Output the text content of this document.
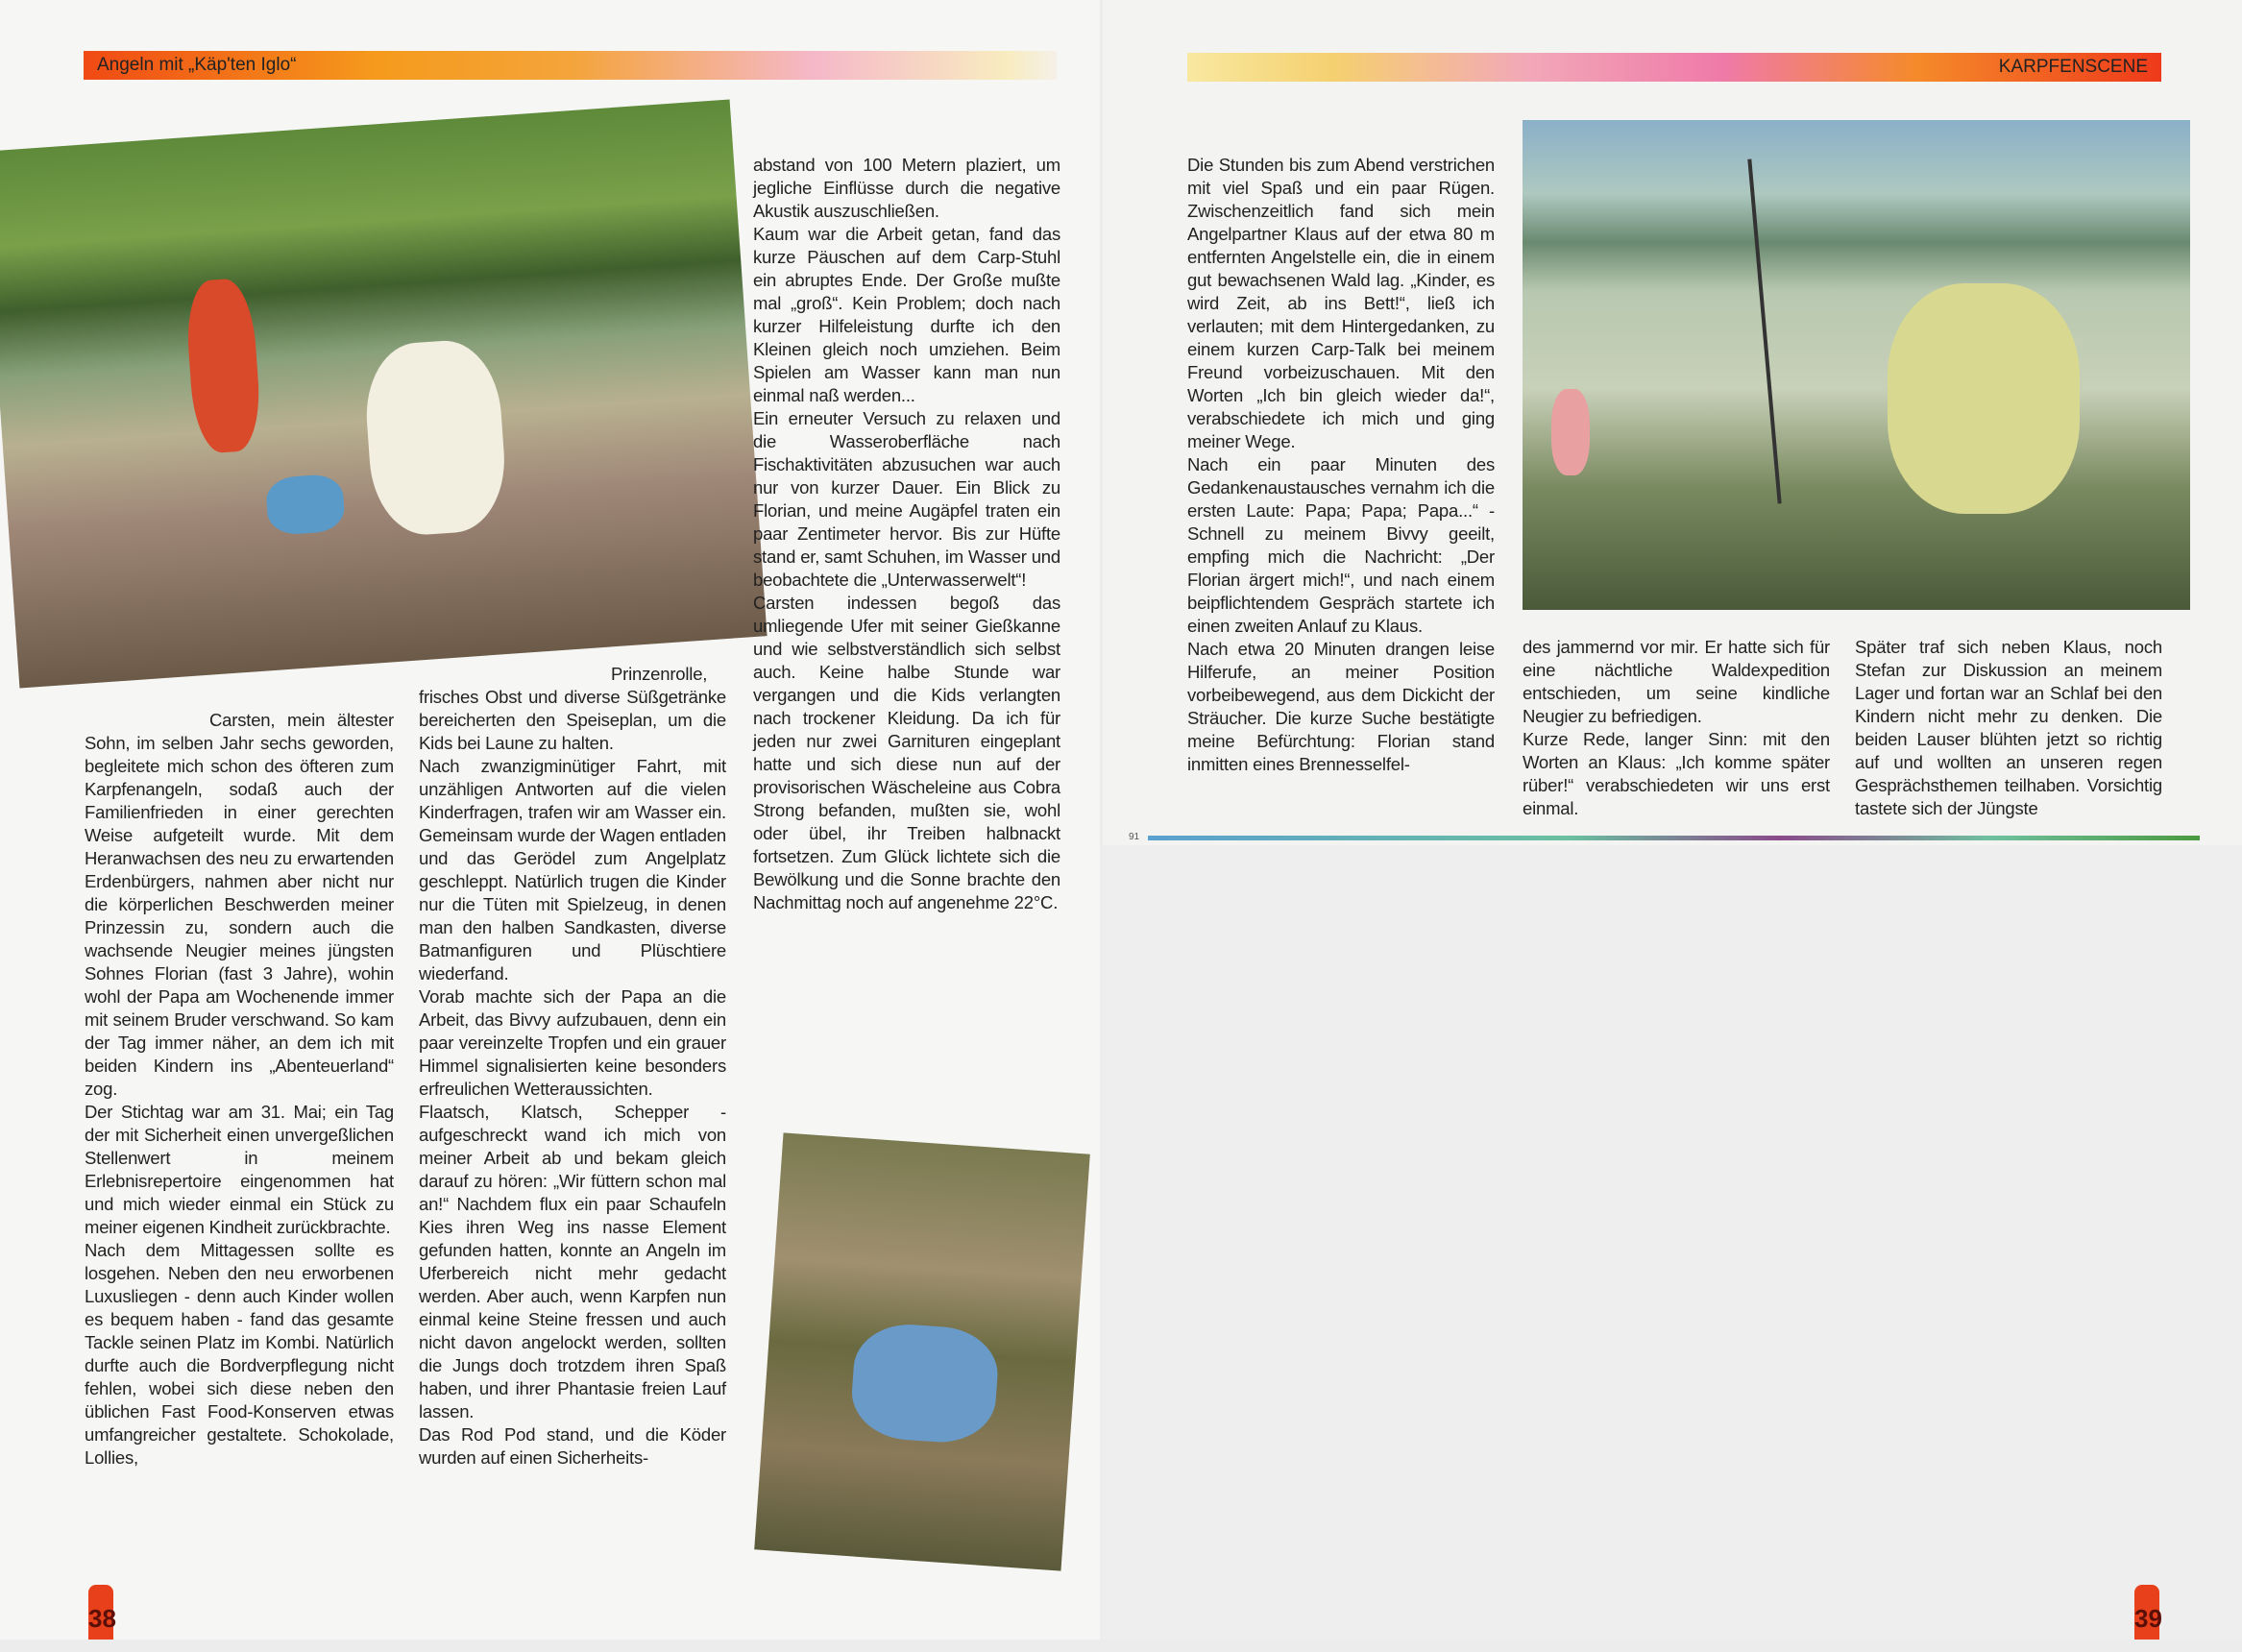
Angeln mit „Käp'ten Iglo“

Carsten, mein ältester Sohn, im selben Jahr sechs geworden, begleitete mich schon des öfteren zum Karpfenangeln, sodaß auch der Familienfrieden in einer gerechten Weise aufgeteilt wurde. Mit dem Heranwachsen des neu zu erwartenden Erdenbürgers, nahmen aber nicht nur die körperlichen Beschwerden meiner Prinzessin zu, sondern auch die wachsende Neugier meines jüngsten Sohnes Florian (fast 3 Jahre), wohin wohl der Papa am Wochenende immer mit seinem Bruder verschwand. So kam der Tag immer näher, an dem ich mit beiden Kindern ins „Abenteuerland“ zog.

Der Stichtag war am 31. Mai; ein Tag der mit Sicherheit einen unvergeßlichen Stellenwert in meinem Erlebnisrepertoire eingenommen hat und mich wieder einmal ein Stück zu meiner eigenen Kindheit zurückbrachte.

Nach dem Mittagessen sollte es losgehen. Neben den neu erworbenen Luxusliegen - denn auch Kinder wollen es bequem haben - fand das gesamte Tackle seinen Platz im Kombi. Natürlich durfte auch die Bordverpflegung nicht fehlen, wobei sich diese neben den üblichen Fast Food-Konserven etwas umfangreicher gestaltete. Schokolade, Lollies,

Prinzenrolle, frisches Obst und diverse Süßgetränke bereicherten den Speiseplan, um die Kids bei Laune zu halten.

Nach zwanzigminütiger Fahrt, mit unzähligen Antworten auf die vielen Kinderfragen, trafen wir am Wasser ein. Gemeinsam wurde der Wagen entladen und das Gerödel zum Angelplatz geschleppt. Natürlich trugen die Kinder nur die Tüten mit Spielzeug, in denen man den halben Sandkasten, diverse Batmanfiguren und Plüschtiere wiederfand.

Vorab machte sich der Papa an die Arbeit, das Bivvy aufzubauen, denn ein paar vereinzelte Tropfen und ein grauer Himmel signalisierten keine besonders erfreulichen Wetteraussichten.

Flaatsch, Klatsch, Schepper - aufgeschreckt wand ich mich von meiner Arbeit ab und bekam gleich darauf zu hören: „Wir füttern schon mal an!“ Nachdem flux ein paar Schaufeln Kies ihren Weg ins nasse Element gefunden hatten, konnte an Angeln im Uferbereich nicht mehr gedacht werden. Aber auch, wenn Karpfen nun einmal keine Steine fressen und auch nicht davon angelockt werden, sollten die Jungs doch trotzdem ihren Spaß haben, und ihrer Phantasie freien Lauf lassen.

Das Rod Pod stand, und die Köder wurden auf einen Sicherheits-

abstand von 100 Metern plaziert, um jegliche Einflüsse durch die negative Akustik auszuschließen.

Kaum war die Arbeit getan, fand das kurze Päuschen auf dem Carp-Stuhl ein abruptes Ende. Der Große mußte mal „groß“. Kein Problem; doch nach kurzer Hilfeleistung durfte ich den Kleinen gleich noch umziehen. Beim Spielen am Wasser kann man nun einmal naß werden...

Ein erneuter Versuch zu relaxen und die Wasseroberfläche nach Fischaktivitäten abzusuchen war auch nur von kurzer Dauer. Ein Blick zu Florian, und meine Augäpfel traten ein paar Zentimeter hervor. Bis zur Hüfte stand er, samt Schuhen, im Wasser und beobachtete die „Unterwasserwelt“!

Carsten indessen begoß das umliegende Ufer mit seiner Gießkanne und wie selbstverständlich sich selbst auch. Keine halbe Stunde war vergangen und die Kids verlangten nach trockener Kleidung. Da ich für jeden nur zwei Garnituren eingeplant hatte und sich diese nun auf der provisorischen Wäscheleine aus Cobra Strong befanden, mußten sie, wohl oder übel, ihr Treiben halbnackt fortsetzen. Zum Glück lichtete sich die Bewölkung und die Sonne brachte den Nachmittag noch auf angenehme 22°C.

38
KARPFENSCENE

Die Stunden bis zum Abend verstrichen mit viel Spaß und ein paar Rügen. Zwischenzeitlich fand sich mein Angelpartner Klaus auf der etwa 80 m entfernten Angelstelle ein, die in einem gut bewachsenen Wald lag. „Kinder, es wird Zeit, ab ins Bett!“, ließ ich verlauten; mit dem Hintergedanken, zu einem kurzen Carp-Talk bei meinem Freund vorbeizuschauen. Mit den Worten „Ich bin gleich wieder da!“, verabschiedete ich mich und ging meiner Wege.

Nach ein paar Minuten des Gedankenaustausches vernahm ich die ersten Laute: Papa; Papa; Papa...“ - Schnell zu meinem Bivvy geeilt, empfing mich die Nachricht: „Der Florian ärgert mich!“, und nach einem beipflichtendem Gespräch startete ich einen zweiten Anlauf zu Klaus.

Nach etwa 20 Minuten drangen leise Hilferufe, an meiner Position vorbeibewegend, aus dem Dickicht der Sträucher. Die kurze Suche bestätigte meine Befürchtung: Florian stand inmitten eines Brennesselfel-

des jammernd vor mir. Er hatte sich für eine nächtliche Waldexpedition entschieden, um seine kindliche Neugier zu befriedigen.

Kurze Rede, langer Sinn: mit den Worten an Klaus: „Ich komme später rüber!“ verabschiedeten wir uns erst einmal.

Später traf sich neben Klaus, noch Stefan zur Diskussion an meinem Lager und fortan war an Schlaf bei den Kindern nicht mehr zu denken. Die beiden Lauser blühten jetzt so richtig auf und wollten an unseren regen Gesprächsthemen teilhaben. Vorsichtig tastete sich der Jüngste

91
39
